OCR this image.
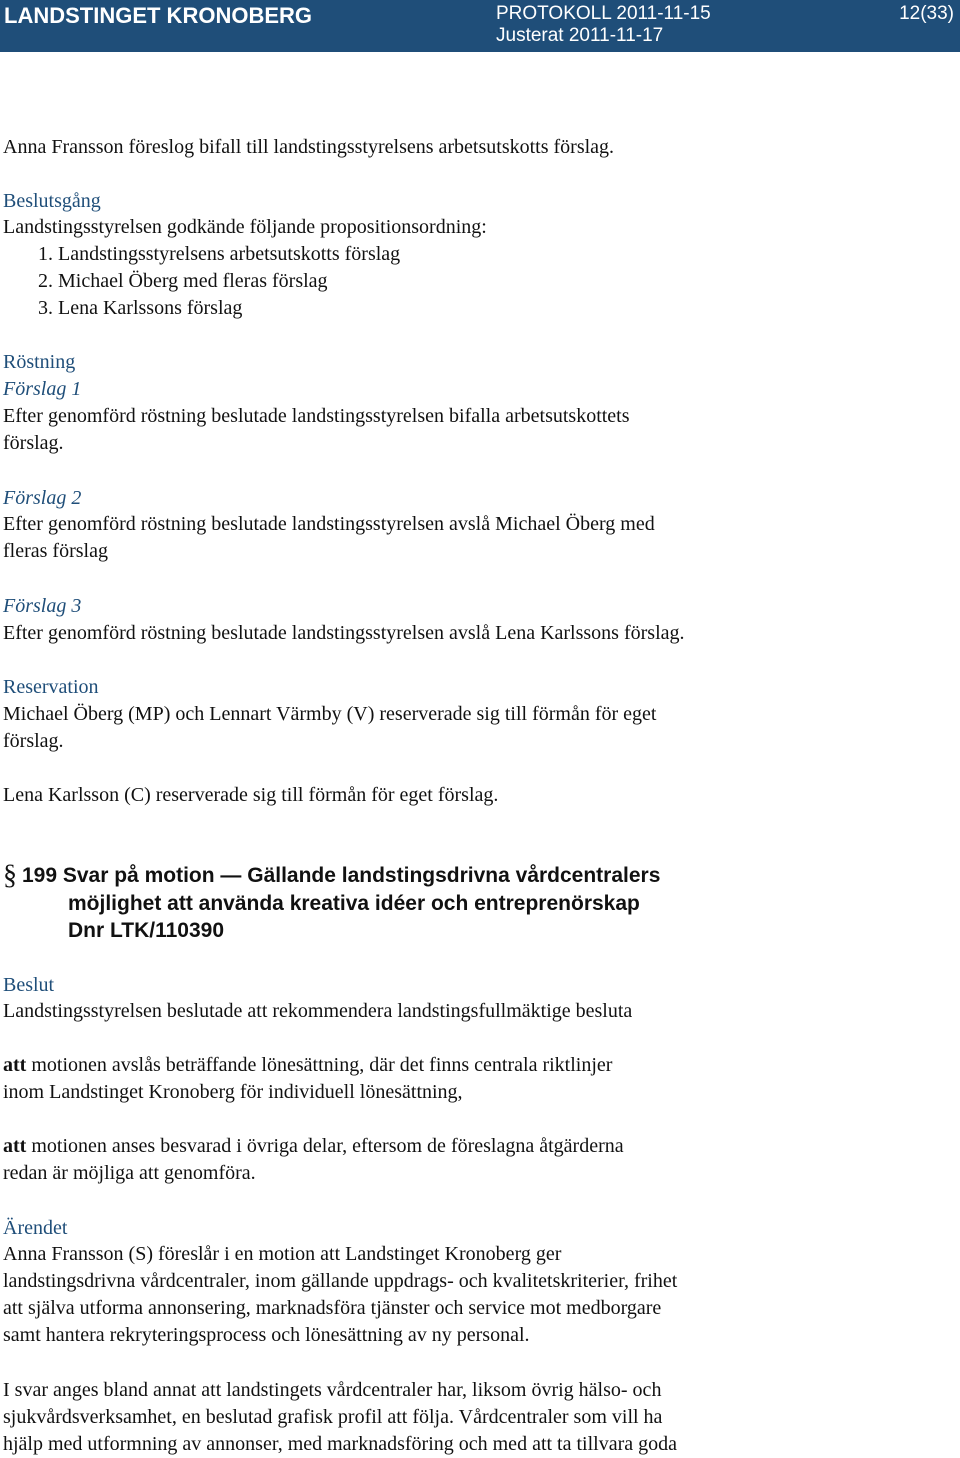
LANDSTINGET KRONOBERG	PROTOKOLL 2011-11-15
Justerat 2011-11-17
12(33)
Anna Fransson föreslog bifall till landstingsstyrelsens arbetsutskotts förslag.
Beslutsgång
Landstingsstyrelsen godkände följande propositionsordning:
1. Landstingsstyrelsens arbetsutskotts förslag
2. Michael Öberg med fleras förslag
3. Lena Karlssons förslag
Röstning
Förslag 1
Efter genomförd röstning beslutade landstingsstyrelsen bifalla arbetsutskottets
förslag.
Förslag 2
Efter genomförd röstning beslutade landstingsstyrelsen avslå Michael Öberg med
fleras förslag
Förslag 3
Efter genomförd röstning beslutade landstingsstyrelsen avslå Lena Karlssons förslag.
Reservation
Michael Öberg (MP) och Lennart Värmby (V) reserverade sig till förmån för eget
förslag.
Lena Karlsson (C) reserverade sig till förmån för eget förslag.
§ 199 Svar på motion — Gällande landstingsdrivna vårdcentralers
möjlighet att använda kreativa idéer och entreprenörskap
Dnr LTK/110390
Beslut
Landstingsstyrelsen beslutade att rekommendera landstingsfullmäktige besluta
att motionen avslås beträffande lönesättning, där det finns centrala riktlinjer
inom Landstinget Kronoberg för individuell lönesättning,
att motionen anses besvarad i övriga delar, eftersom de föreslagna åtgärderna
redan är möjliga att genomföra.
Ärendet
Anna Fransson (S) föreslår i en motion att Landstinget Kronoberg ger
landstingsdrivna vårdcentraler, inom gällande uppdrags- och kvalitetskriterier, frihet
att själva utforma annonsering, marknadsföra tjänster och service mot medborgare
samt hantera rekryteringsprocess och lönesättning av ny personal.
I svar anges bland annat att landstingets vårdcentraler har, liksom övrig hälso- och
sjukvårdsverksamhet, en beslutad grafisk profil att följa. Vårdcentraler som vill ha
hjälp med utformning av annonser, med marknadsföring och med att ta tillvara goda
